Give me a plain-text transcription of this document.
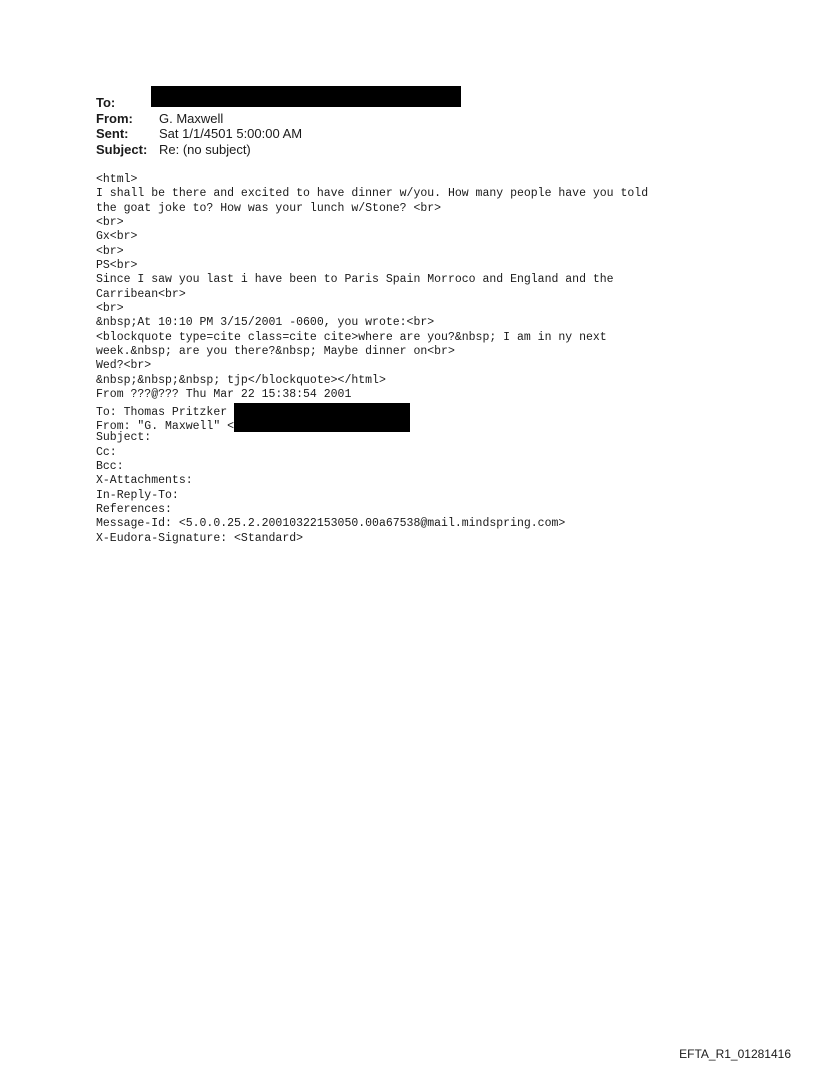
To:
From:	G. Maxwell
Sent:	Sat 1/1/4501 5:00:00 AM
Subject: Re: (no subject)
<html>
I shall be there and excited to have dinner w/you. How many people have you told
the goat joke to? How was your lunch w/Stone? <br>
<br>
Gx<br>
<br>
PS<br>
Since I saw you last i have been to Paris Spain Morroco and England and the
Carribean<br>
<br>
&nbsp;At 10:10 PM 3/15/2001 -0600, you wrote:<br>
<blockquote type=cite class=cite cite>where are you?&nbsp; I am in ny next
week.&nbsp; are you there?&nbsp; Maybe dinner on<br>
Wed?<br>
&nbsp;&nbsp;&nbsp; tjp</blockquote></html>
From ???@??? Thu Mar 22 15:38:54 2001
To: Thomas Pritzker
From: "G. Maxwell" <
Subject:
Cc:
Bcc:
X-Attachments:
In-Reply-To:
References:
Message-Id: <5.0.0.25.2.20010322153050.00a67538@mail.mindspring.com>
X-Eudora-Signature: <Standard>
EFTA_R1_01281416
